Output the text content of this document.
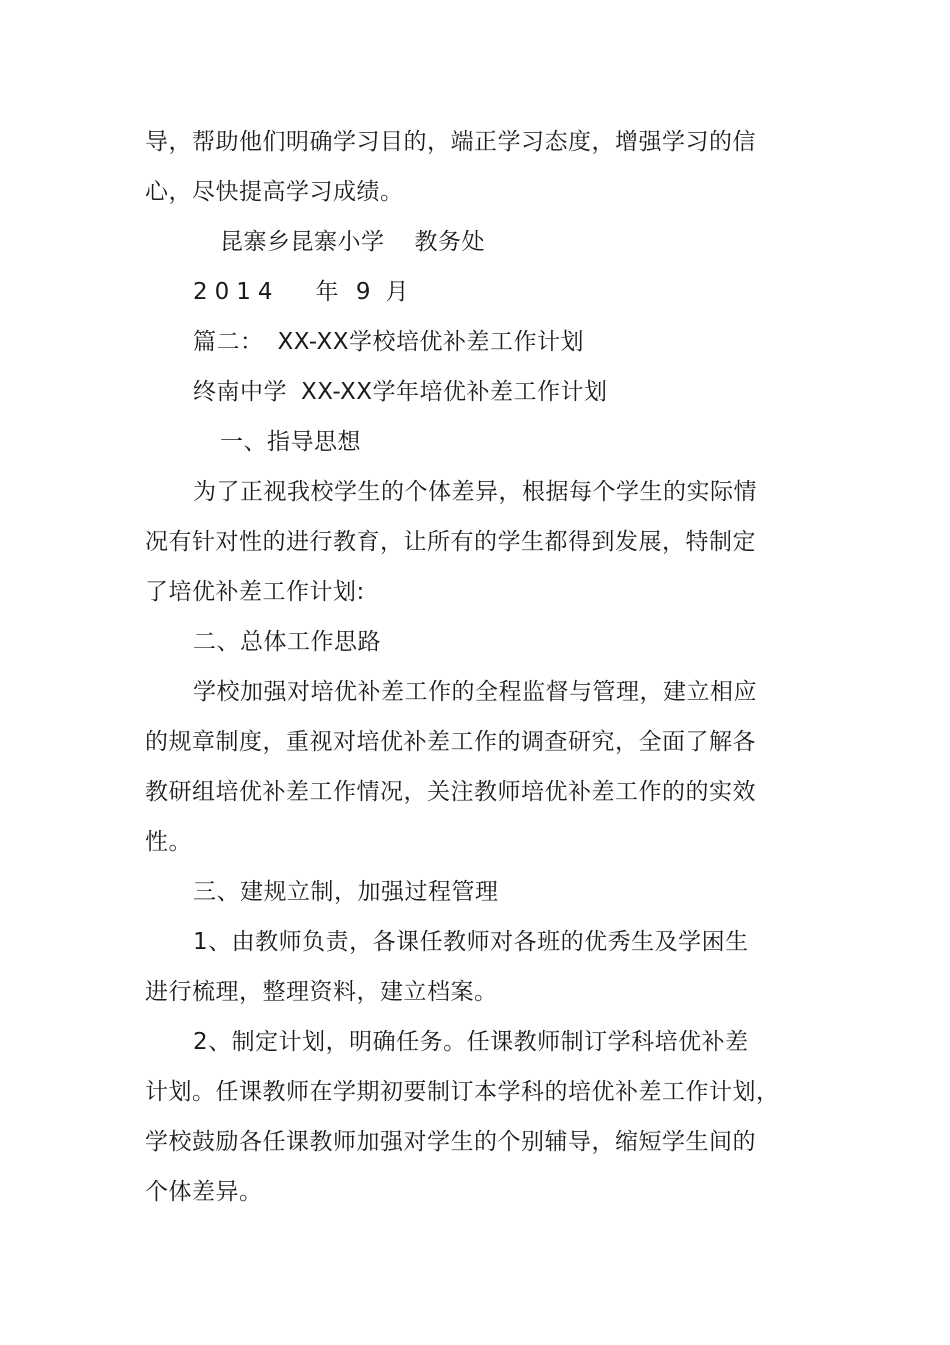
导，帮助他们明确学习目的，端正学习态度，增强学习的信
心，尽快提高学习成绩。
昆寨乡昆寨小学 教务处
2014 年 9 月
篇二： XX-XX学校培优补差工作计划
终南中学 XX-XX学年培优补差工作计划
一、指导思想
为了正视我校学生的个体差异，根据每个学生的实际情
况有针对性的进行教育，让所有的学生都得到发展，特制定
了培优补差工作计划:
二、总体工作思路
学校加强对培优补差工作的全程监督与管理，建立相应
的规章制度，重视对培优补差工作的调查研究，全面了解各
教研组培优补差工作情况，关注教师培优补差工作的的实效
性。
三、建规立制，加强过程管理
1、由教师负责，各课任教师对各班的优秀生及学困生
进行梳理，整理资料，建立档案。
2、制定计划，明确任务。任课教师制订学科培优补差
计划。任课教师在学期初要制订本学科的培优补差工作计划，
学校鼓励各任课教师加强对学生的个别辅导，缩短学生间的
个体差异。
